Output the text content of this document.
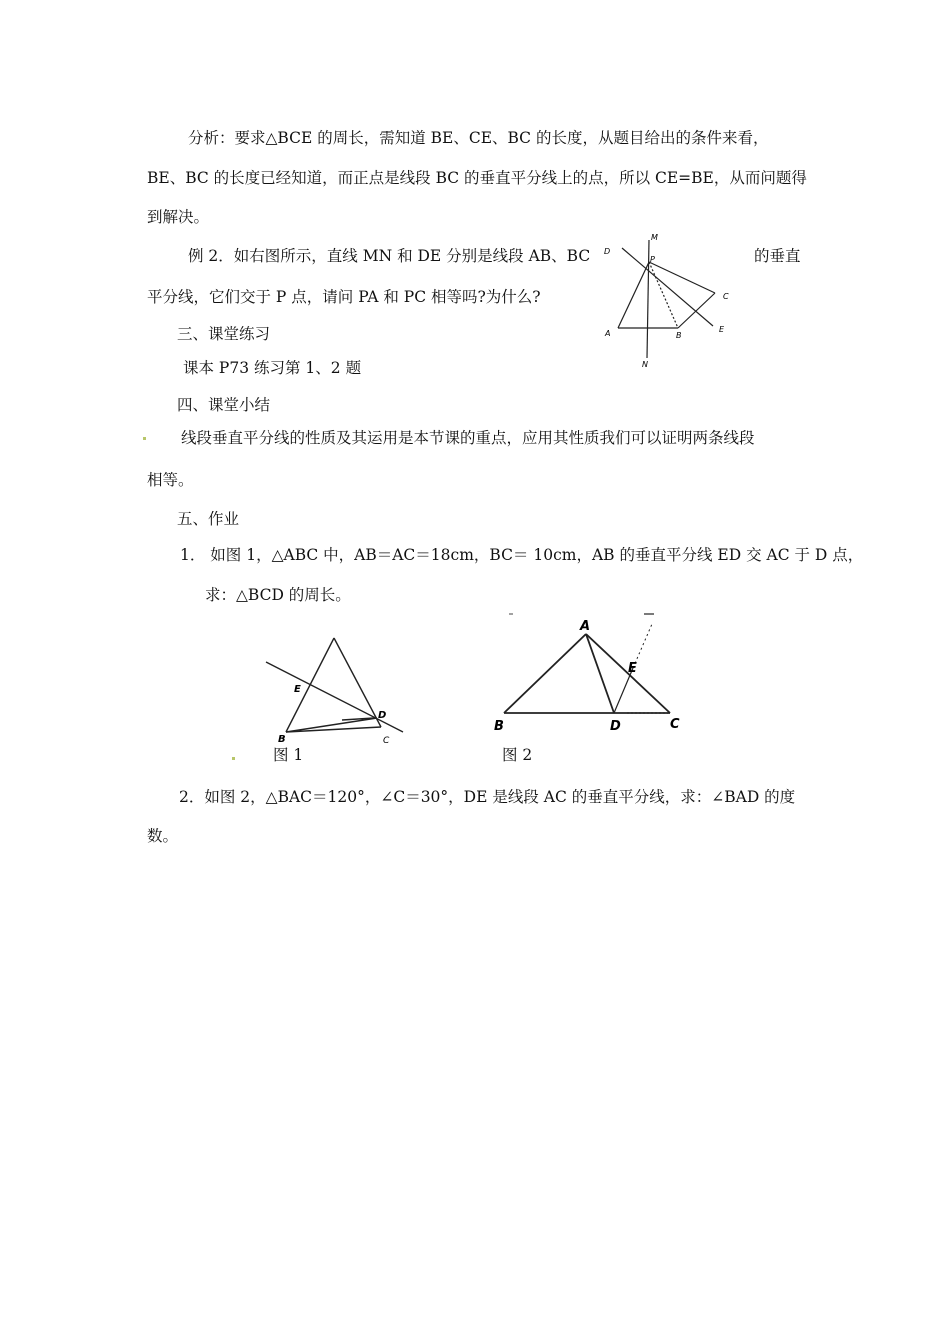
分析：要求△BCE 的周长，需知道 BE、CE、BC 的长度，从题目给出的条件来看，
BE、BC 的长度已经知道，而正点是线段 BC 的垂直平分线上的点，所以 CE=BE，从而问题得
到解决。
例 2．如右图所示，直线 MN 和 DE 分别是线段 AB、BC	的垂直
平分线，它们交于 P 点，请问 PA 和 PC 相等吗?为什么?
D
M
P
C
A	B
E
N
三、课堂练习
课本 P73 练习第 1、2 题
四、课堂小结
线段垂直平分线的性质及其运用是本节课的重点，应用其性质我们可以证明两条线段
相等。
五、作业
1． 如图 1，△ABC 中，AB＝AC＝18cm，BC＝ 10cm，AB 的垂直平分线 ED 交 AC 于 D 点，
求：△BCD 的周长。
E
D
B	C
图 1
A
E
B	D	C
图 2
2．如图 2，△BAC＝120°，∠C＝30°，DE 是线段 AC 的垂直平分线，求：∠BAD 的度
数。
